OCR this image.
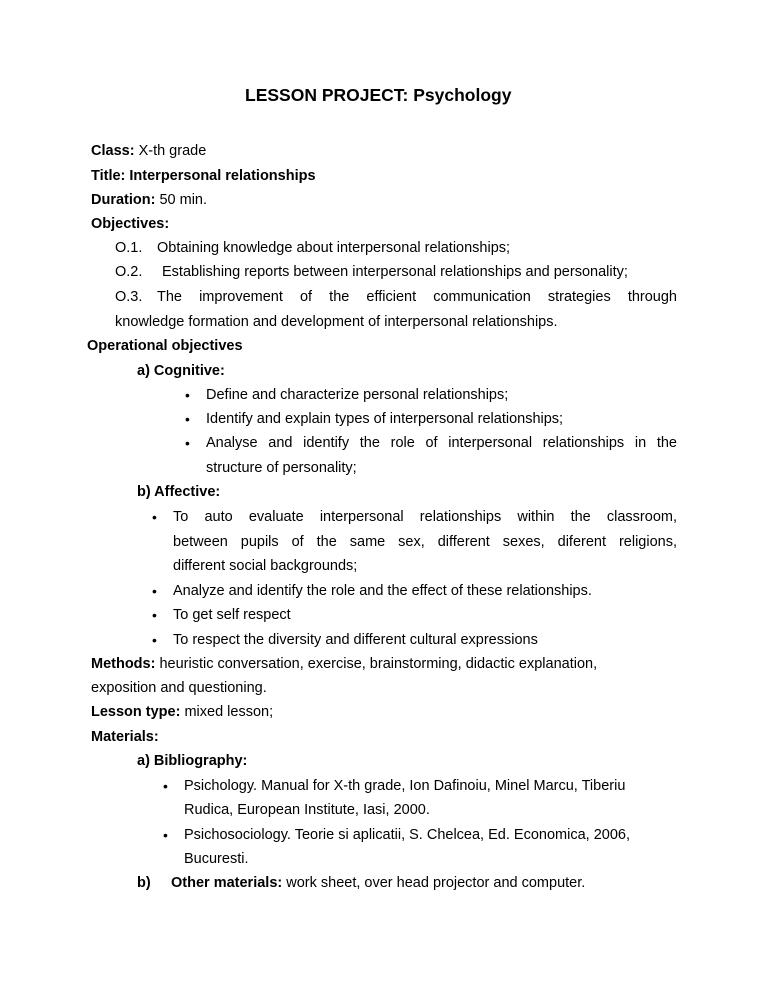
LESSON PROJECT: Psychology
Class: X-th grade
Title: Interpersonal relationships
Duration: 50 min.
Objectives:
O.1. Obtaining knowledge about interpersonal relationships;
O.2. Establishing reports between interpersonal relationships and personality;
O.3. The improvement of the efficient communication strategies through
knowledge formation and development of interpersonal relationships.
Operational objectives
a) Cognitive:
• Define and characterize personal relationships;
• Identify and explain types of interpersonal relationships;
• Analyse and identify the role of interpersonal relationships in the
structure of personality;
b) Affective:
• To auto evaluate interpersonal relationships within the classroom,
between pupils of the same sex, different sexes, diferent religions,
different social backgrounds;
• Analyze and identify the role and the effect of these relationships.
• To get self respect
• To respect the diversity and different cultural expressions
Methods: heuristic conversation, exercise, brainstorming, didactic explanation,
exposition and questioning.
Lesson type: mixed lesson;
Materials:
a) Bibliography:
• Psichology. Manual for X-th grade, Ion Dafinoiu, Minel Marcu, Tiberiu
Rudica, European Institute, Iasi, 2000.
• Psichosociology. Teorie si aplicatii, S. Chelcea, Ed. Economica, 2006,
Bucuresti.
b) Other materials: work sheet, over head projector and computer.
